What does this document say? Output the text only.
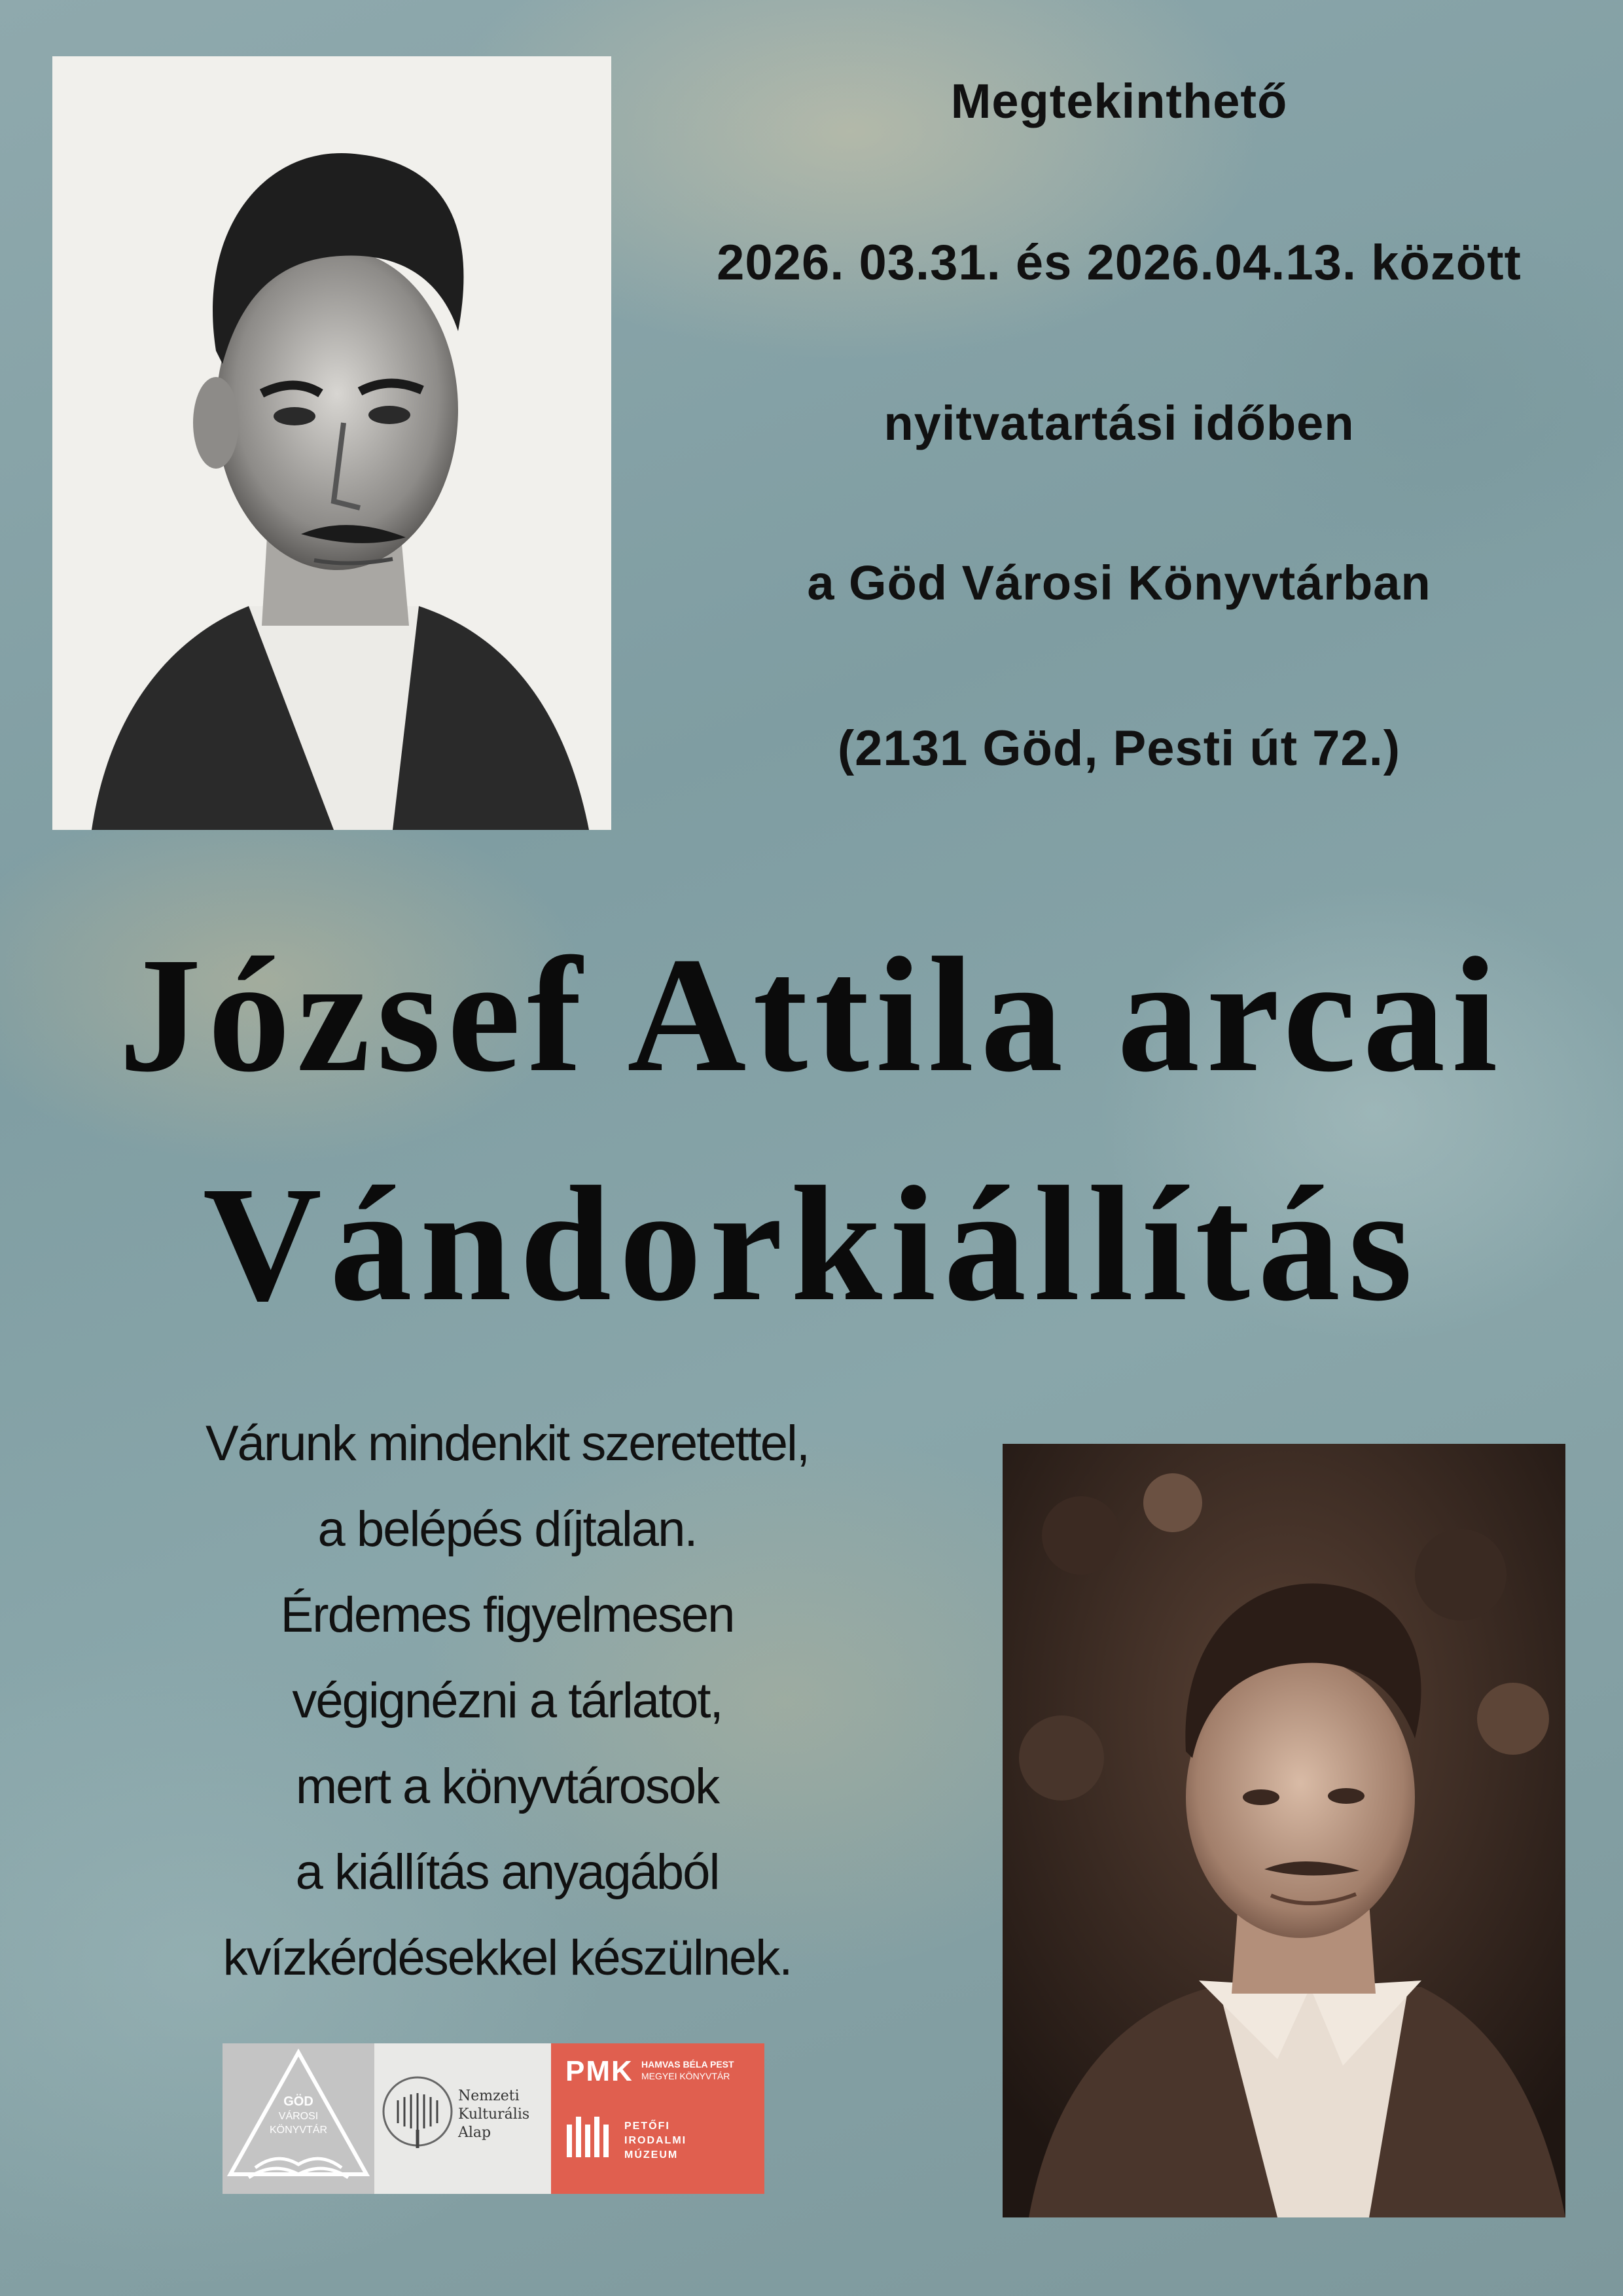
Megtekinthető
2026. 03.31. és 2026.04.13. között
nyitvatartási időben
a Göd Városi Könyvtárban
(2131 Göd, Pesti út 72.)
József Attila arcai
Vándorkiállítás
Várunk mindenkit szeretettel,
a belépés díjtalan.
Érdemes figyelmesen
végignézni a tárlatot,
mert a könyvtárosok
a kiállítás anyagából
kvízkérdésekkel készülnek.
GÖD
VÁROSI
KÖNYVTÁR
Nemzeti
Kulturális
Alap
PMK HAMVAS BÉLA PEST
MEGYEI KÖNYVTÁR
PETŐFI
IRODALMI
MÚZEUM
